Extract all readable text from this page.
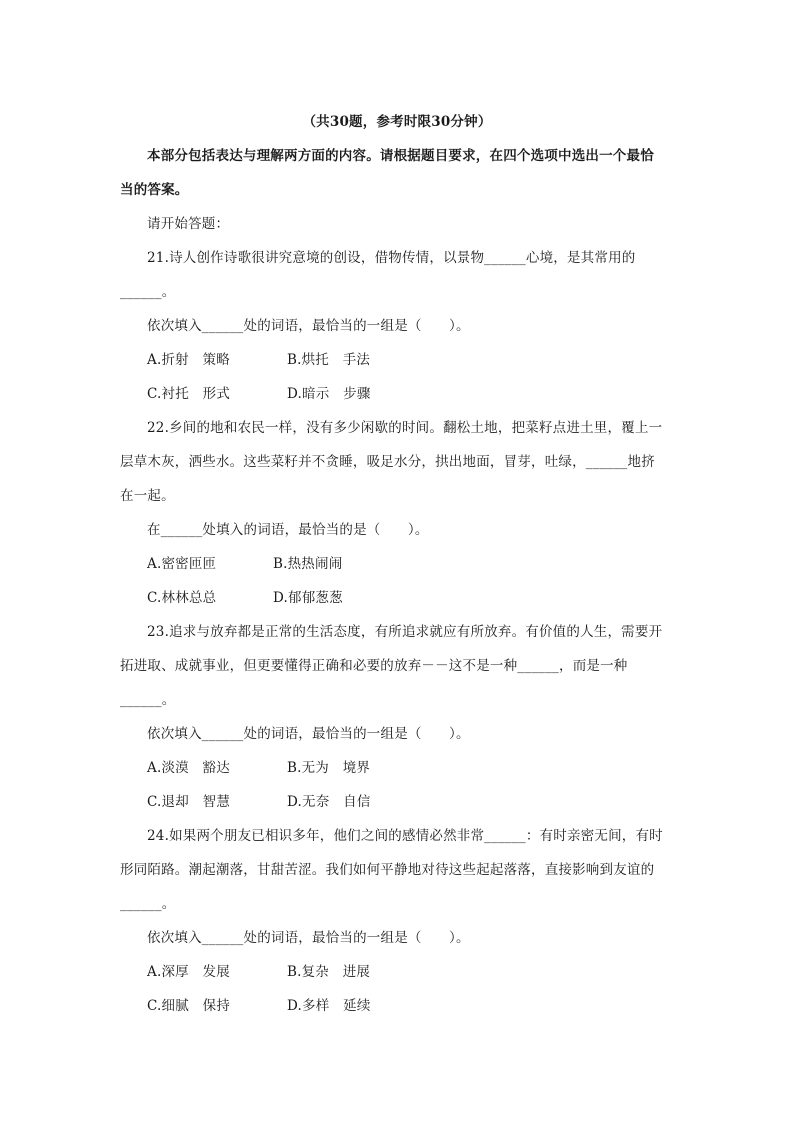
（共30题，参考时限30分钟）
本部分包括表达与理解两方面的内容。请根据题目要求，在四个选项中选出一个最恰
当的答案。
请开始答题：
21.诗人创作诗歌很讲究意境的创设，借物传情，以景物______心境，是其常用的
______。
依次填入______处的词语，最恰当的一组是（　　）。
A.折射　策略	B.烘托　手法
C.衬托　形式	D.暗示　步骤
22.乡间的地和农民一样，没有多少闲歇的时间。翻松土地，把菜籽点进土里，覆上一
层草木灰，洒些水。这些菜籽并不贪睡，吸足水分，拱出地面，冒芽，吐绿，______地挤
在一起。
在______处填入的词语，最恰当的是（　　）。
A.密密匝匝	B.热热闹闹
C.林林总总	D.郁郁葱葱
23.追求与放弃都是正常的生活态度，有所追求就应有所放弃。有价值的人生，需要开
拓进取、成就事业，但更要懂得正确和必要的放弃－－这不是一种______，而是一种
______。
依次填入______处的词语，最恰当的一组是（　　）。
A.淡漠　豁达	B.无为　境界
C.退却　智慧	D.无奈　自信
24.如果两个朋友已相识多年，他们之间的感情必然非常______：有时亲密无间，有时
形同陌路。潮起潮落，甘甜苦涩。我们如何平静地对待这些起起落落，直接影响到友谊的
______。
依次填入______处的词语，最恰当的一组是（　　）。
A.深厚　发展	B.复杂　进展
C.细腻　保持	D.多样　延续
